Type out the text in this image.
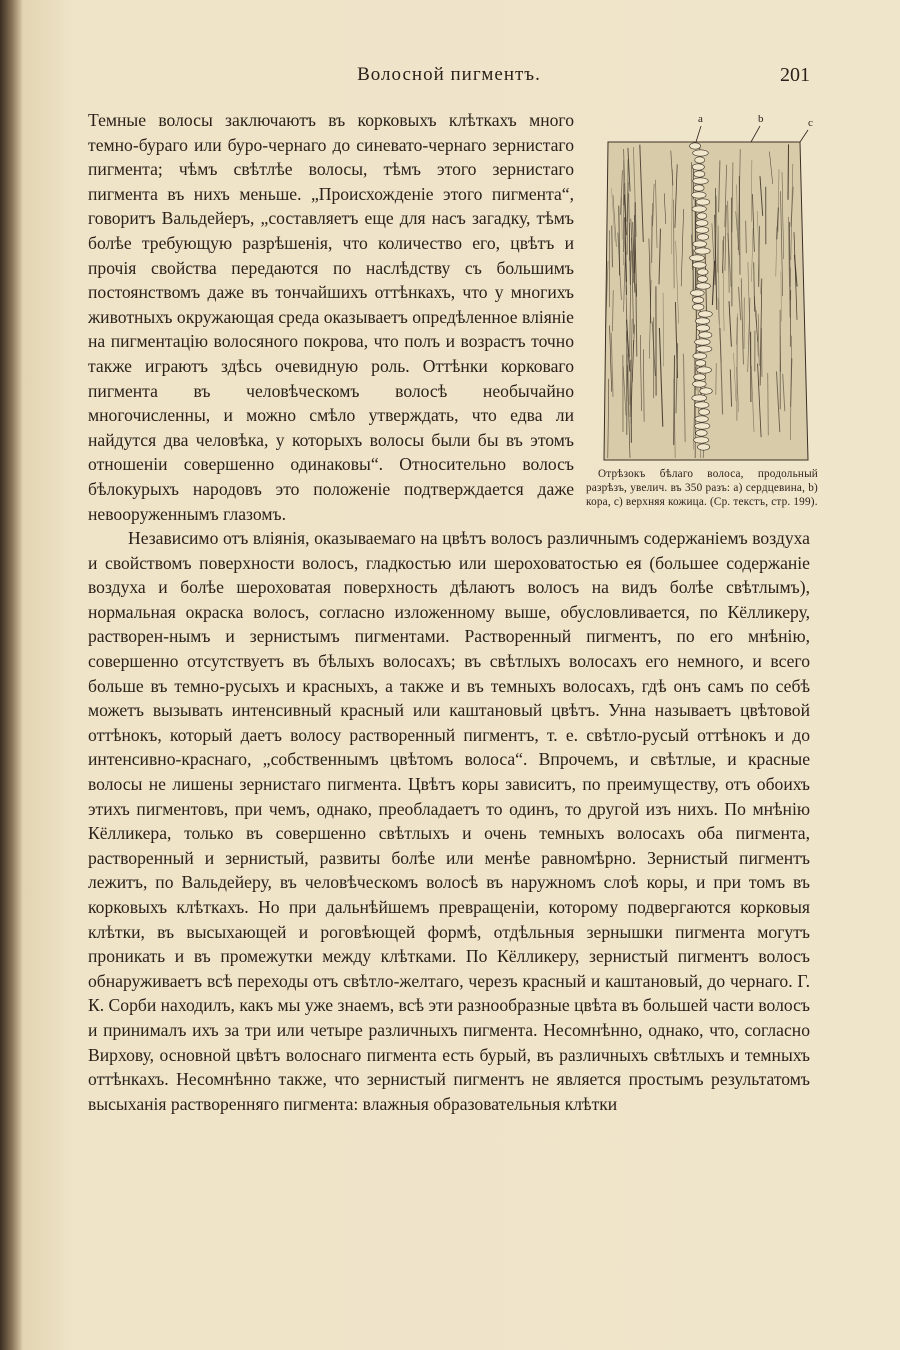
Волосной пигментъ.	201

a	b	c
Отрѣзокъ бѣлаго волоса, продольный разрѣзъ, увелич. въ 350 разъ: a) сердцевина, b) кора, c) верхняя кожица. (Ср. текстъ, стр. 199).
Темные волосы заключаютъ въ корковыхъ клѣткахъ много темно-бураго или буро-чернаго до синевато-чернаго зернистаго пигмента; чѣмъ свѣтлѣе волосы, тѣмъ этого зернистаго пигмента въ нихъ меньше. „Происхожденіе этого пигмента“, говоритъ Вальдейеръ, „составляетъ еще для насъ загадку, тѣмъ болѣе требующую разрѣшенія, что количество его, цвѣтъ и прочія свойства передаются по наслѣдству съ большимъ постоянствомъ даже въ тончайшихъ оттѣнкахъ, что у многихъ животныхъ окружающая среда оказываетъ опредѣленное вліяніе на пигментацію волосяного покрова, что полъ и возрастъ точно также играютъ здѣсь очевидную роль. Оттѣнки корковаго пигмента въ человѣческомъ волосѣ необычайно многочисленны, и можно смѣло утверждать, что едва ли найдутся два человѣка, у которыхъ волосы были бы въ этомъ отношеніи совершенно одинаковы“. Относительно волосъ бѣлокурыхъ народовъ это положеніе подтверждается даже невооруженнымъ глазомъ.

Независимо отъ вліянія, оказываемаго на цвѣтъ волосъ различнымъ содержаніемъ воздуха и свойствомъ поверхности волосъ, гладкостью или шероховатостью ея (большее содержаніе воздуха и болѣе шероховатая поверхность дѣлаютъ волосъ на видъ болѣе свѣтлымъ), нормальная окраска волосъ, согласно изложенному выше, обусловливается, по Кёлликеру, растворен-нымъ и зернистымъ пигментами. Растворенный пигментъ, по его мнѣнію, совершенно отсутствуетъ въ бѣлыхъ волосахъ; въ свѣтлыхъ волосахъ его немного, и всего больше въ темно-русыхъ и красныхъ, а также и въ темныхъ волосахъ, гдѣ онъ самъ по себѣ можетъ вызывать интенсивный красный или каштановый цвѣтъ. Унна называетъ цвѣтовой оттѣнокъ, который даетъ волосу растворенный пигментъ, т. е. свѣтло-русый оттѣнокъ и до интенсивно-краснаго, „собственнымъ цвѣтомъ волоса“. Впрочемъ, и свѣтлые, и красные волосы не лишены зернистаго пигмента. Цвѣтъ коры зависитъ, по преимуществу, отъ обоихъ этихъ пигментовъ, при чемъ, однако, преобладаетъ то одинъ, то другой изъ нихъ. По мнѣнію Кёлликера, только въ совершенно свѣтлыхъ и очень темныхъ волосахъ оба пигмента, растворенный и зернистый, развиты болѣе или менѣе равномѣрно. Зернистый пигментъ лежитъ, по Вальдейеру, въ человѣческомъ волосѣ въ наружномъ слоѣ коры, и при томъ въ корковыхъ клѣткахъ. Но при дальнѣйшемъ превращеніи, которому подвергаются корковыя клѣтки, въ высыхающей и роговѣющей формѣ, отдѣльныя зернышки пигмента могутъ проникать и въ промежутки между клѣтками. По Кёлликеру, зернистый пигментъ волосъ обнаруживаетъ всѣ переходы отъ свѣтло-желтаго, черезъ красный и каштановый, до чернаго. Г. К. Сорби находилъ, какъ мы уже знаемъ, всѣ эти разнообразные цвѣта въ большей части волосъ и принималъ ихъ за три или четыре различныхъ пигмента. Несомнѣнно, однако, что, согласно Вирхову, основной цвѣтъ волоснаго пигмента есть бурый, въ различныхъ свѣтлыхъ и темныхъ оттѣнкахъ. Несомнѣнно также, что зернистый пигментъ не является простымъ результатомъ высыханія растворенняго пигмента: влажныя образовательныя клѣтки
